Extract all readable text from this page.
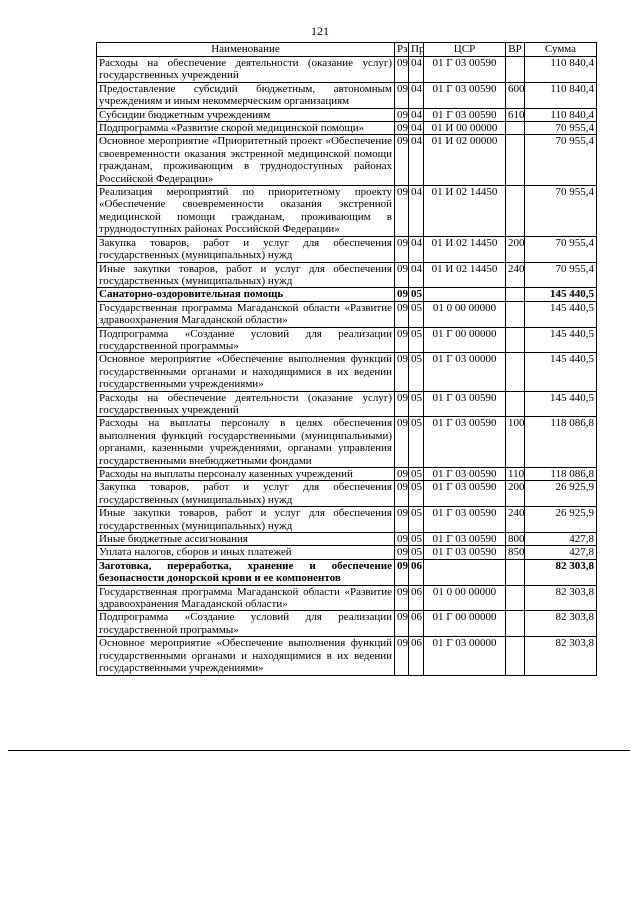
121
Наименование	Рз	Пр	ЦСР	ВР	Сумма
Расходы на обеспечение деятельности (оказание услуг) государственных учреждений	09	04	01 Г 03 00590		110 840,4
Предоставление субсидий бюджетным, автономным учреждениям и иным некоммерческим организациям	09	04	01 Г 03 00590	600	110 840,4
Субсидии бюджетным учреждениям	09	04	01 Г 03 00590	610	110 840,4
Подпрограмма «Развитие скорой медицинской помощи»	09	04	01 И 00 00000		70 955,4
Основное мероприятие «Приоритетный проект «Обеспечение своевременности оказания экстренной медицинской помощи гражданам, проживающим в труднодоступных районах Российской Федерации»	09	04	01 И 02 00000		70 955,4
Реализация мероприятий по приоритетному проекту «Обеспечение своевременности оказания экстренной медицинской помощи гражданам, проживающим в труднодоступных районах Российской Федерации»	09	04	01 И 02 14450		70 955,4
Закупка товаров, работ и услуг для обеспечения государственных (муниципальных) нужд	09	04	01 И 02 14450	200	70 955,4
Иные закупки товаров, работ и услуг для обеспечения государственных (муниципальных) нужд	09	04	01 И 02 14450	240	70 955,4
Санаторно-оздоровительная помощь	09	05			145 440,5
Государственная программа Магаданской области «Развитие здравоохранения Магаданской области»	09	05	01 0 00 00000		145 440,5
Подпрограмма «Создание условий для реализации государственной программы»	09	05	01 Г 00 00000		145 440,5
Основное мероприятие «Обеспечение выполнения функций государственными органами и находящимися в их ведении государственными учреждениями»	09	05	01 Г 03 00000		145 440,5
Расходы на обеспечение деятельности (оказание услуг) государственных учреждений	09	05	01 Г 03 00590		145 440,5
Расходы на выплаты персоналу в целях обеспечения выполнения функций государственными (муниципальными) органами, казенными учреждениями, органами управления государственными внебюджетными фондами	09	05	01 Г 03 00590	100	118 086,8
Расходы на выплаты персоналу казенных учреждений	09	05	01 Г 03 00590	110	118 086,8
Закупка товаров, работ и услуг для обеспечения государственных (муниципальных) нужд	09	05	01 Г 03 00590	200	26 925,9
Иные закупки товаров, работ и услуг для обеспечения государственных (муниципальных) нужд	09	05	01 Г 03 00590	240	26 925,9
Иные бюджетные ассигнования	09	05	01 Г 03 00590	800	427,8
Уплата налогов, сборов и иных платежей	09	05	01 Г 03 00590	850	427,8
Заготовка, переработка, хранение и обеспечение безопасности донорской крови и ее компонентов	09	06			82 303,8
Государственная программа Магаданской области «Развитие здравоохранения Магаданской области»	09	06	01 0 00 00000		82 303,8
Подпрограмма «Создание условий для реализации государственной программы»	09	06	01 Г 00 00000		82 303,8
Основное мероприятие «Обеспечение выполнения функций государственными органами и находящимися в их ведении государственными учреждениями»	09	06	01 Г 03 00000		82 303,8
